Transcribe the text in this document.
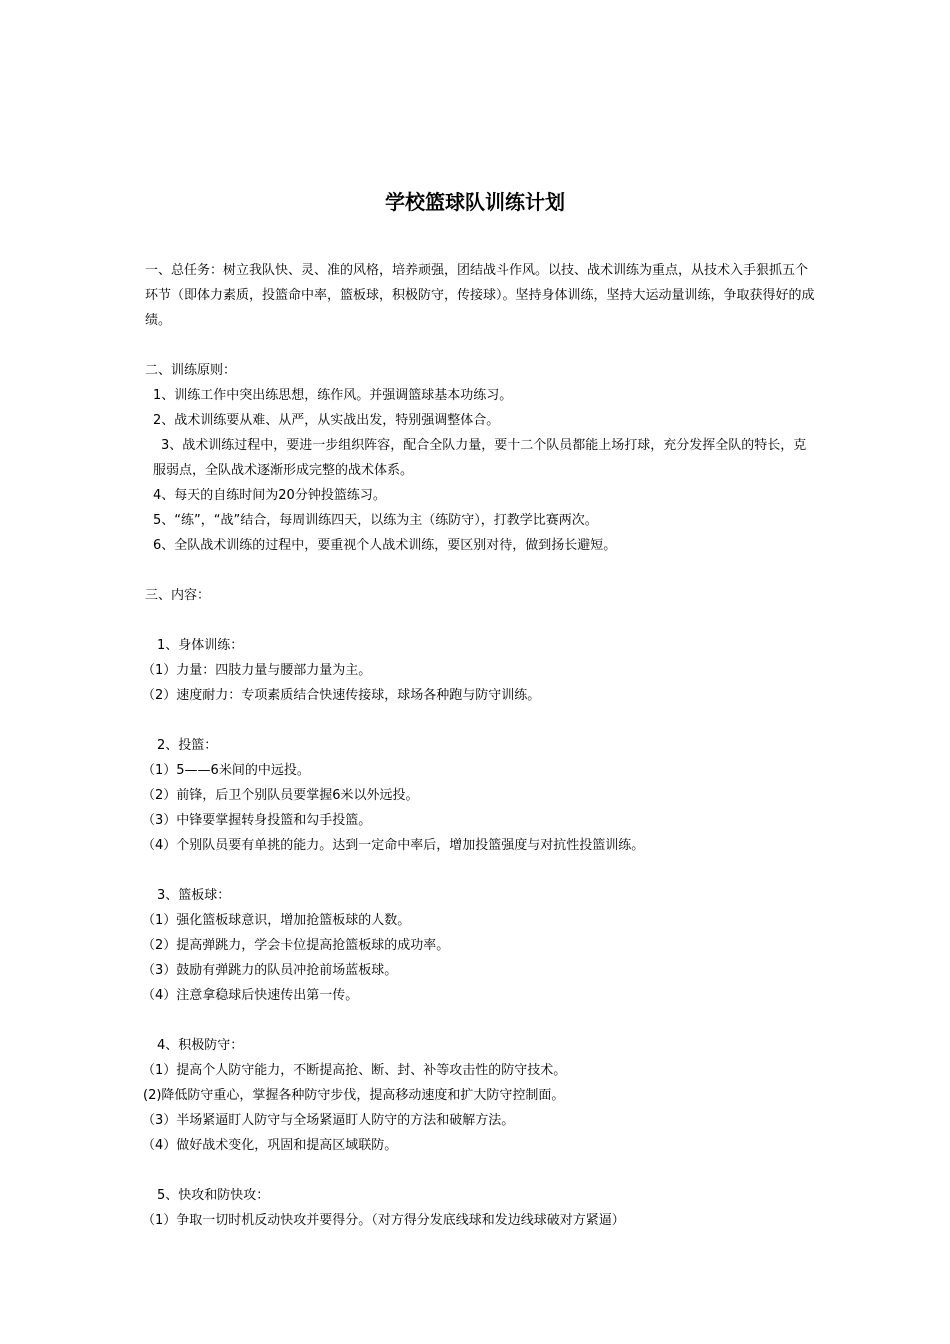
学校篮球队训练计划

一、总任务：树立我队快、灵、准的风格，培养顽强，团结战斗作风。以技、战术训练为重点，从技术入手狠抓五个环节（即体力素质，投篮命中率，篮板球，积极防守，传接球）。坚持身体训练，坚持大运动量训练，争取获得好的成绩。

二、训练原则：

1、训练工作中突出练思想，练作风。并强调篮球基本功练习。

2、战术训练要从难、从严，从实战出发，特别强调整体合。

3、战术训练过程中，要进一步组织阵容，配合全队力量，要十二个队员都能上场打球，充分发挥全队的特长，克服弱点，全队战术逐渐形成完整的战术体系。

4、每天的自练时间为20分钟投篮练习。

5、“练”，“战”结合，每周训练四天，以练为主（练防守），打教学比赛两次。

6、全队战术训练的过程中，要重视个人战术训练，要区别对待，做到扬长避短。

三、内容：

1、身体训练：

（1）力量：四肢力量与腰部力量为主。

（2）速度耐力：专项素质结合快速传接球，球场各种跑与防守训练。

2、投篮：

（1）5——6米间的中远投。

（2）前锋，后卫个别队员要掌握6米以外远投。

（3）中锋要掌握转身投篮和勾手投篮。

（4）个别队员要有单挑的能力。达到一定命中率后，增加投篮强度与对抗性投篮训练。

3、篮板球：

（1）强化篮板球意识，增加抢篮板球的人数。

（2）提高弹跳力，学会卡位提高抢篮板球的成功率。

（3）鼓励有弹跳力的队员冲抢前场蓝板球。

（4）注意拿稳球后快速传出第一传。

4、积极防守：

（1）提高个人防守能力，不断提高抢、断、封、补等攻击性的防守技术。

(2)降低防守重心，掌握各种防守步伐，提高移动速度和扩大防守控制面。

（3）半场紧逼盯人防守与全场紧逼盯人防守的方法和破解方法。

（4）做好战术变化，巩固和提高区域联防。

5、快攻和防快攻：

（1）争取一切时机反动快攻并要得分。（对方得分发底线球和发边线球破对方紧逼）
